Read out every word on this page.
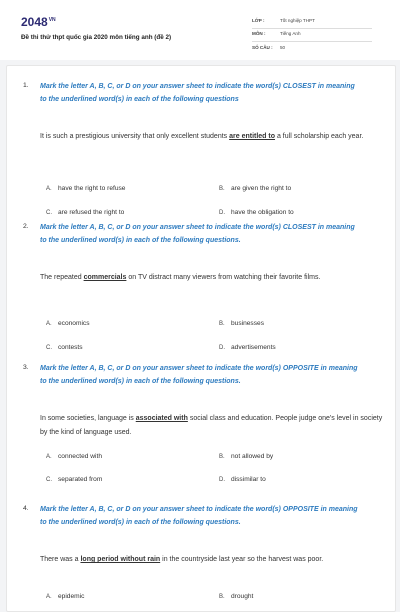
$2048^{VN}$
Đề thi thử thpt quốc gia 2020 môn tiếng anh (đề 2)
LỚP :	Tốt nghiệp THPT
MÔN :	Tiếng Anh
SỐ CÂU : 50
1. Mark the letter A, B, C, or D on your answer sheet to indicate the word(s) CLOSEST in meaning to the underlined word(s) in each of the following questions
It is such a prestigious university that only excellent students are entitled to a full scholarship each year.
A. have the right to refuse	B. are given the right to
C. are refused the right to	D. have the obligation to
2. Mark the letter A, B, C, or D on your answer sheet to indicate the word(s) CLOSEST in meaning to the underlined word(s) in each of the following questions.
The repeated commercials on TV distract many viewers from watching their favorite films.
A. economics	B. businesses
C. contests	D. advertisements
3. Mark the letter A, B, C, or D on your answer sheet to indicate the word(s) OPPOSITE in meaning to the underlined word(s) in each of the following questions.
In some societies, language is associated with social class and education. People judge one's level in society by the kind of language used.
A. connected with	B. not allowed by
C. separated from	D. dissimilar to
4. Mark the letter A, B, C, or D on your answer sheet to indicate the word(s) OPPOSITE in meaning to the underlined word(s) in each of the following questions.
There was a long period without rain in the countryside last year so the harvest was poor.
A. epidemic	B. drought
